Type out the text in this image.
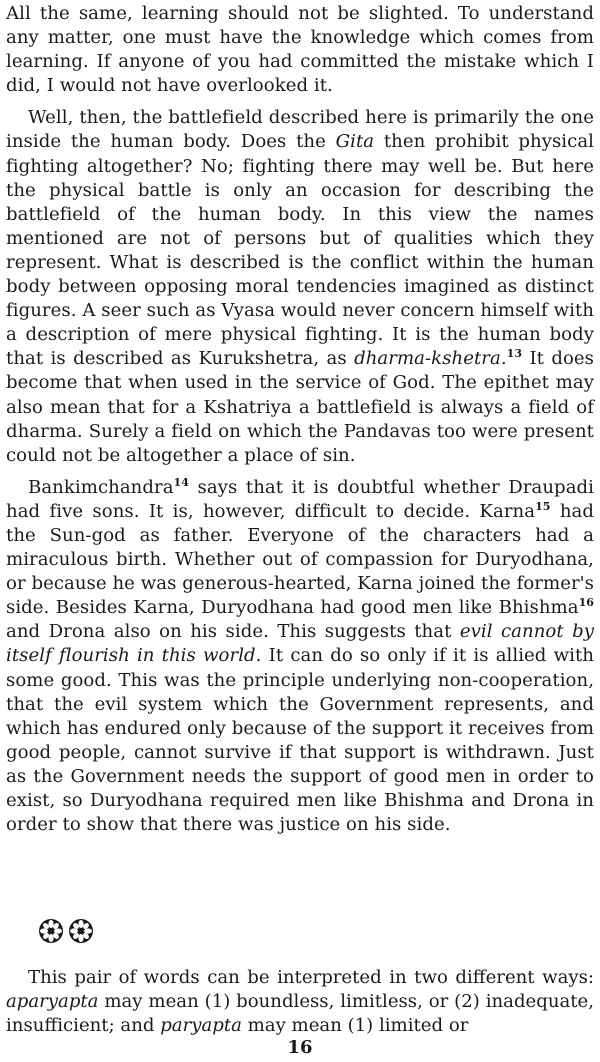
All the same, learning should not be slighted. To understand any matter, one must have the knowledge which comes from learning. If anyone of you had committed the mistake which I did, I would not have overlooked it.

Well, then, the battlefield described here is primarily the one inside the human body. Does the Gita then prohibit physical fighting altogether? No; fighting there may well be. But here the physical battle is only an occasion for describing the battlefield of the human body. In this view the names mentioned are not of persons but of qualities which they represent. What is described is the conflict within the human body between opposing moral tendencies imagined as distinct figures. A seer such as Vyasa would never concern himself with a description of mere physical fighting. It is the human body that is described as Kurukshetra, as dharma-kshetra.$^{13}$ It does become that when used in the service of God. The epithet may also mean that for a Kshatriya a battlefield is always a field of dharma. Surely a field on which the Pandavas too were present could not be altogether a place of sin.

Bankimchandra$^{14}$ says that it is doubtful whether Draupadi had five sons. It is, however, difficult to decide. Karna$^{15}$ had the Sun-god as father. Everyone of the characters had a miraculous birth. Whether out of compassion for Duryodhana, or because he was generous-hearted, Karna joined the former's side. Besides Karna, Duryodhana had good men like Bhishma$^{16}$ and Drona also on his side. This suggests that evil cannot by itself flourish in this world. It can do so only if it is allied with some good. This was the principle underlying non-cooperation, that the evil system which the Government represents, and which has endured only because of the support it receives from good people, cannot survive if that support is withdrawn. Just as the Government needs the support of good men in order to exist, so Duryodhana required men like Bhishma and Drona in order to show that there was justice on his side.

This pair of words can be interpreted in two different ways: aparyapta may mean (1) boundless, limitless, or (2) inadequate, insufficient; and paryapta may mean (1) limited or

16
